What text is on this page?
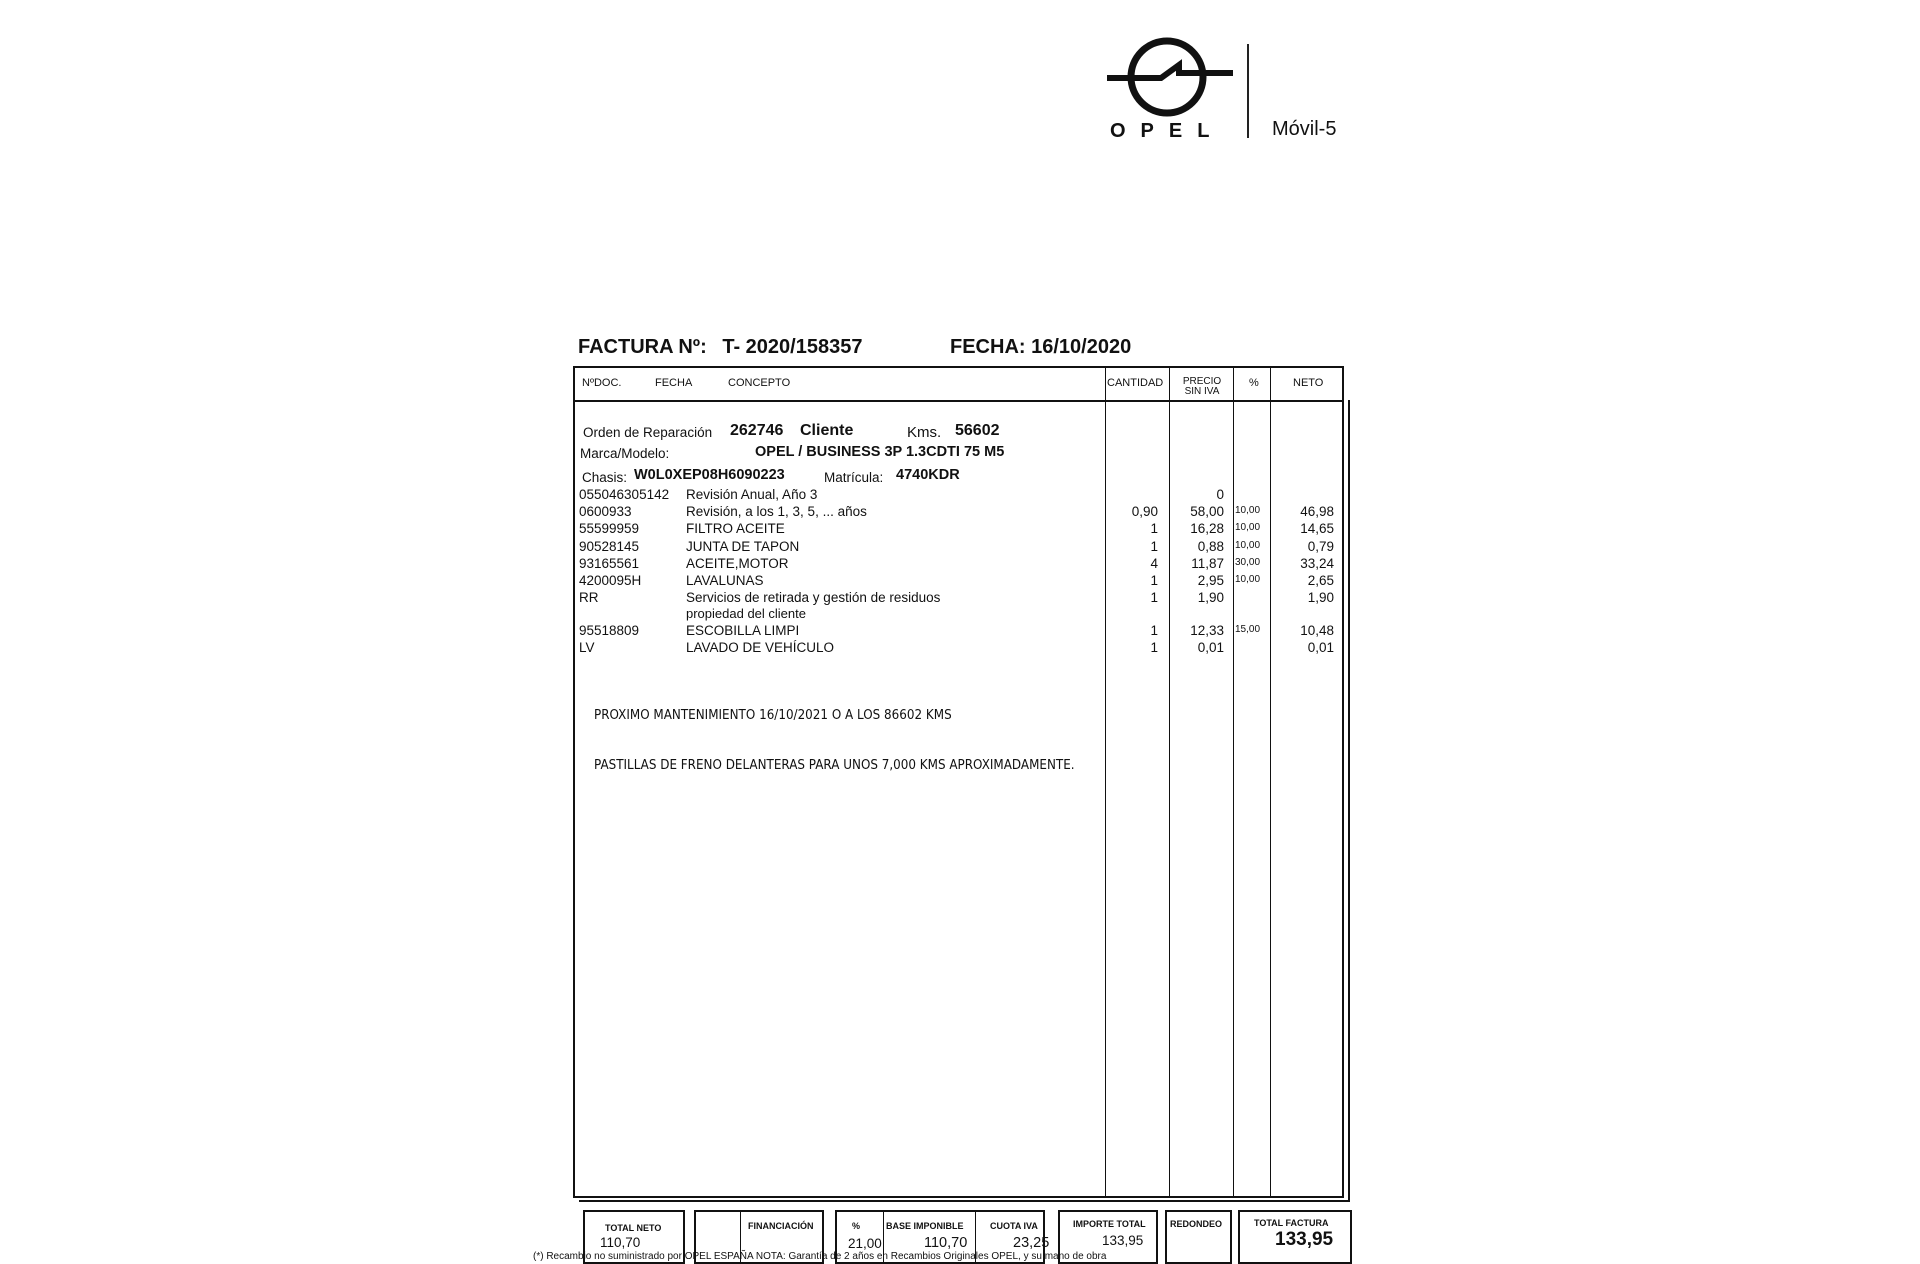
OPEL Móvil-5
FACTURA Nº: T- 2020/158357	FECHA: 16/10/2020
NºDOC.	FECHA	CONCEPTO	CANTIDAD	PRECIO
SIN IVA
%	NETO
Orden de Reparación 262746 Cliente	Kms. 56602
Marca/Modelo:	OPEL / BUSINESS 3P 1.3CDTI 75 M5
Chasis: W0L0XEP08H6090223	Matrícula: 4740KDR
055046305142 Revisión Anual, Año 3	0
0600933	Revisión, a los 1, 3, 5, ... años	0,90	58,00 10,00	46,98
55599959	FILTRO ACEITE	1	16,28 10,00	14,65
90528145	JUNTA DE TAPON	1	0,88 10,00	0,79
93165561	ACEITE,MOTOR	4	11,87 30,00	33,24
4200095H	LAVALUNAS	1	2,95 10,00	2,65
RR	Servicios de retirada y gestión de residuos	1	1,90	1,90
propiedad del cliente
95518809	ESCOBILLA LIMPI	1	12,33 15,00	10,48
LV	LAVADO DE VEHÍCULO	1	0,01	0,01
PROXIMO MANTENIMIENTO 16/10/2021 O A LOS 86602 KMS
PASTILLAS DE FRENO DELANTERAS PARA UNOS 7,000 KMS APROXIMADAMENTE.
TOTAL NETO
110,70
FINANCIACIÓN	%
21,00
BASE IMPONIBLE
110,70
CUOTA IVA
23,25
IMPORTE TOTAL
133,95
REDONDEO	TOTAL FACTURA
133,95
(*) Recambio no suministrado por OPEL ESPAÑA NOTA: Garantía de 2 años en Recambios Originales OPEL, y su mano de obra
